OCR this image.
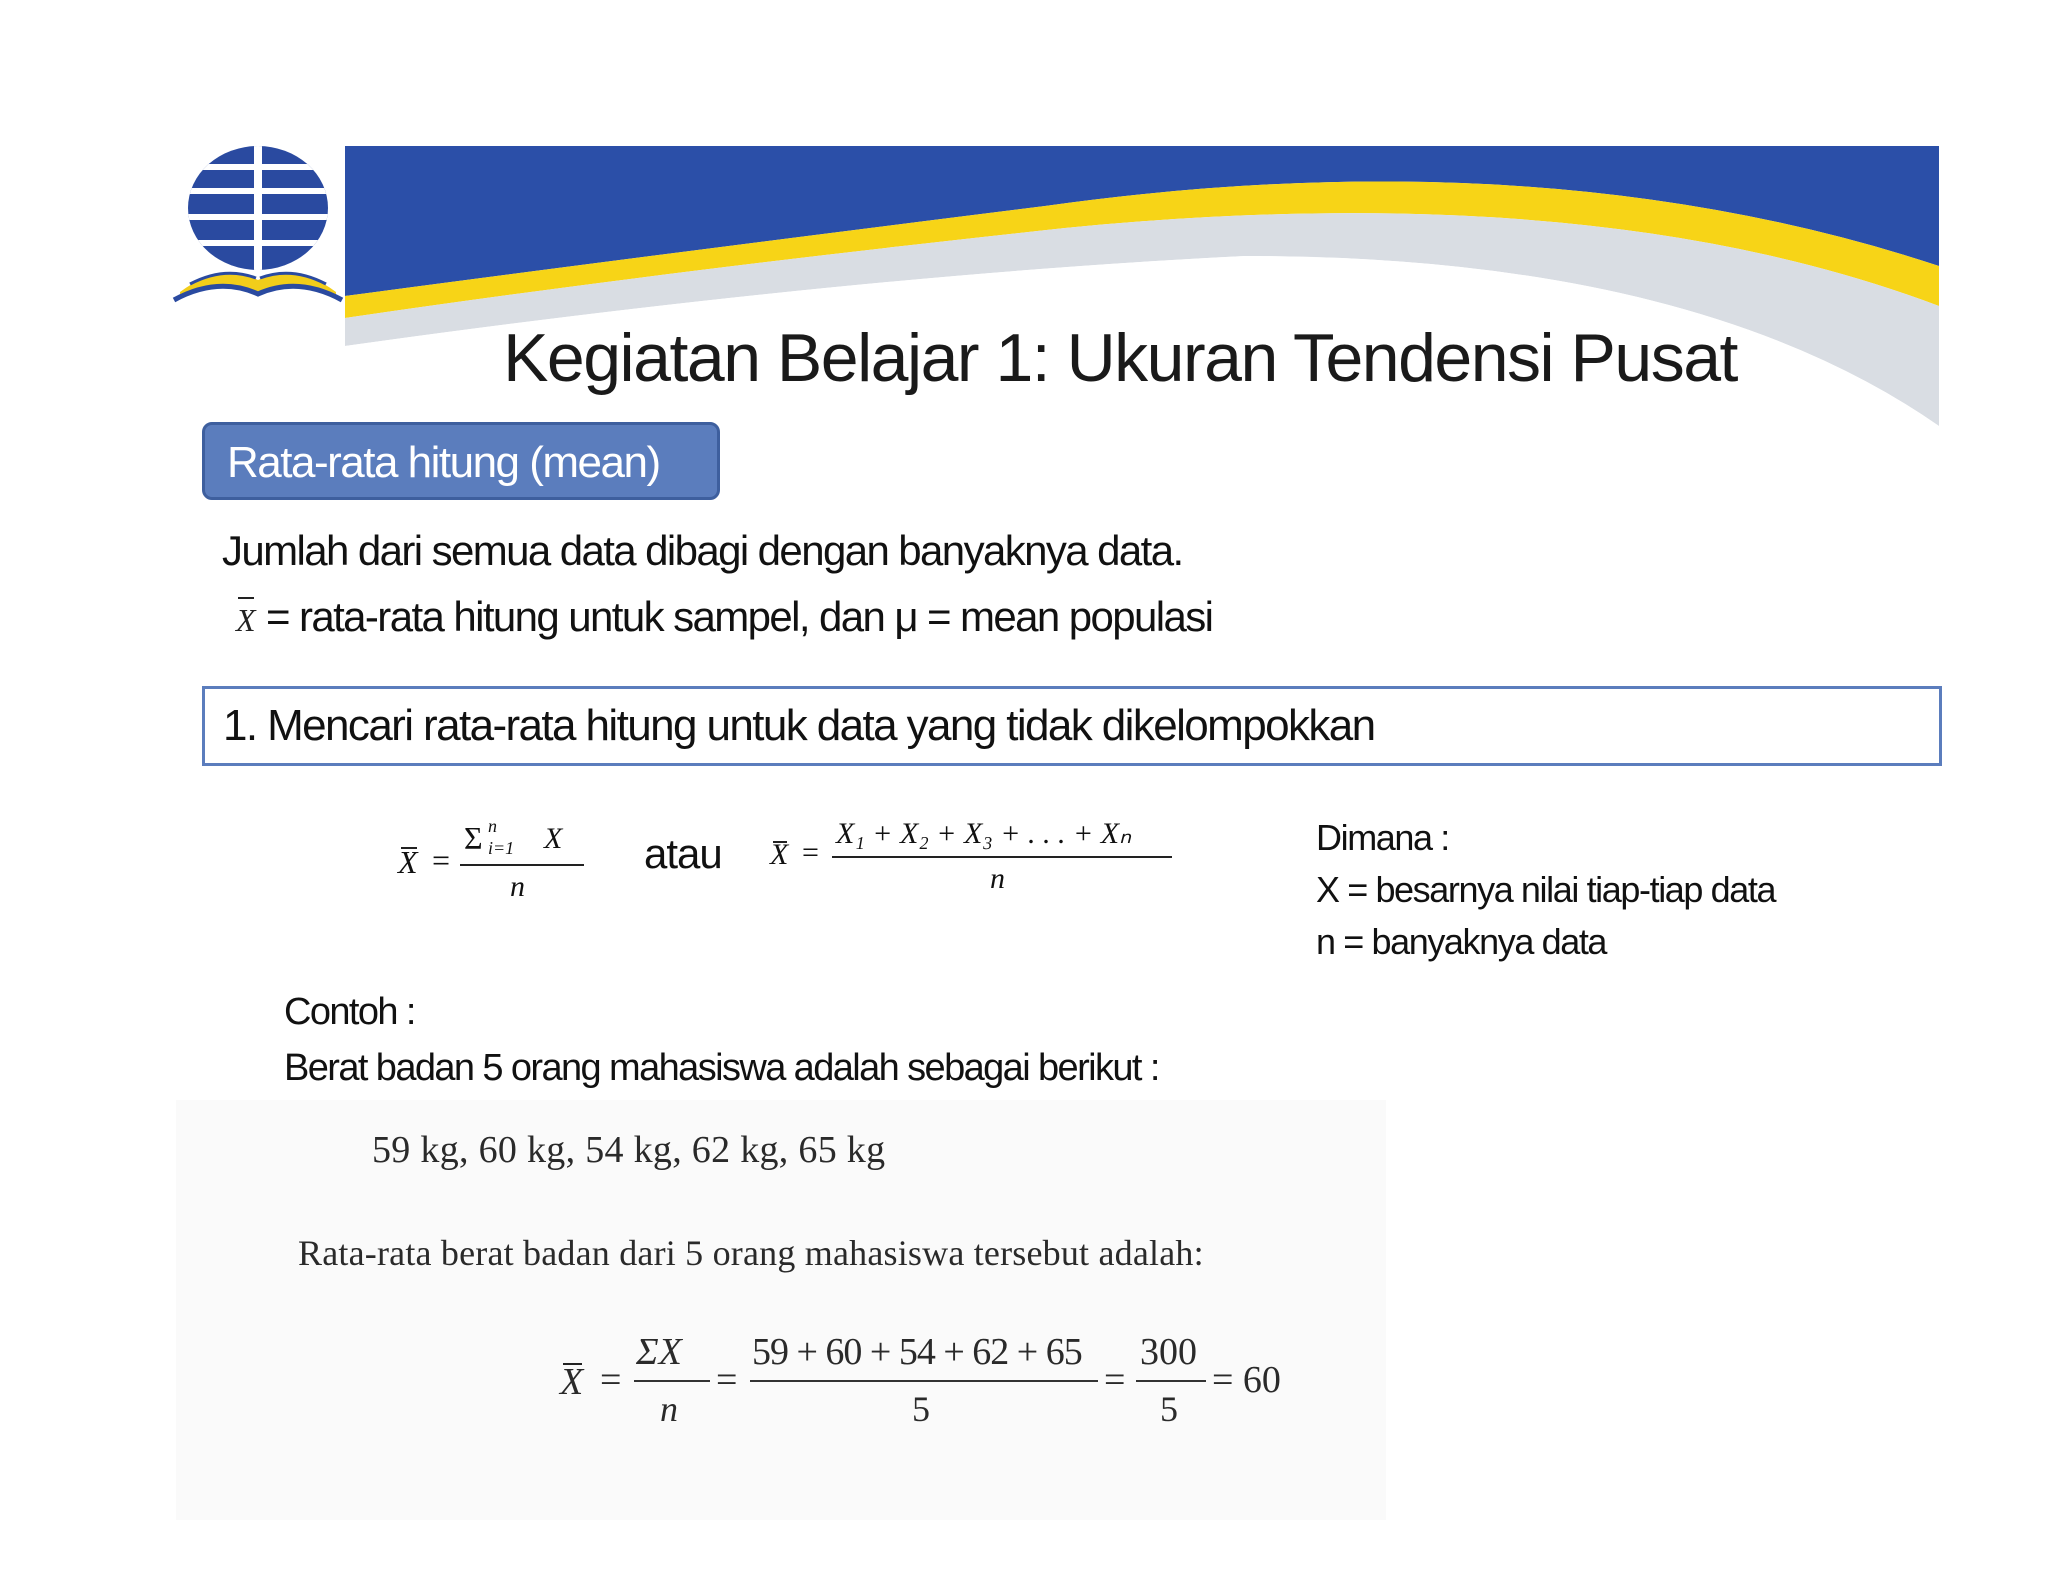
Kegiatan Belajar 1: Ukuran Tendensi Pusat
Rata-rata hitung (mean)
Jumlah dari semua data dibagi dengan banyaknya data.
X = rata-rata hitung untuk sampel, dan μ = mean populasi
1. Mencari rata-rata hitung untuk data yang tidak dikelompokkan
X =
Σ n
i=1 X
n
atau X =
X₁ + X₂ + X₃ + . . . + Xₙ
n
Dimana :
X = besarnya nilai tiap-tiap data
n = banyaknya data
Contoh :
Berat badan 5 orang mahasiswa adalah sebagai berikut :
59 kg, 60 kg, 54 kg, 62 kg, 65 kg
Rata-rata berat badan dari 5 orang mahasiswa tersebut adalah:
X =
ΣX
n
=
59 + 60 + 54 + 62 + 65
5
=
300
5
= 60
